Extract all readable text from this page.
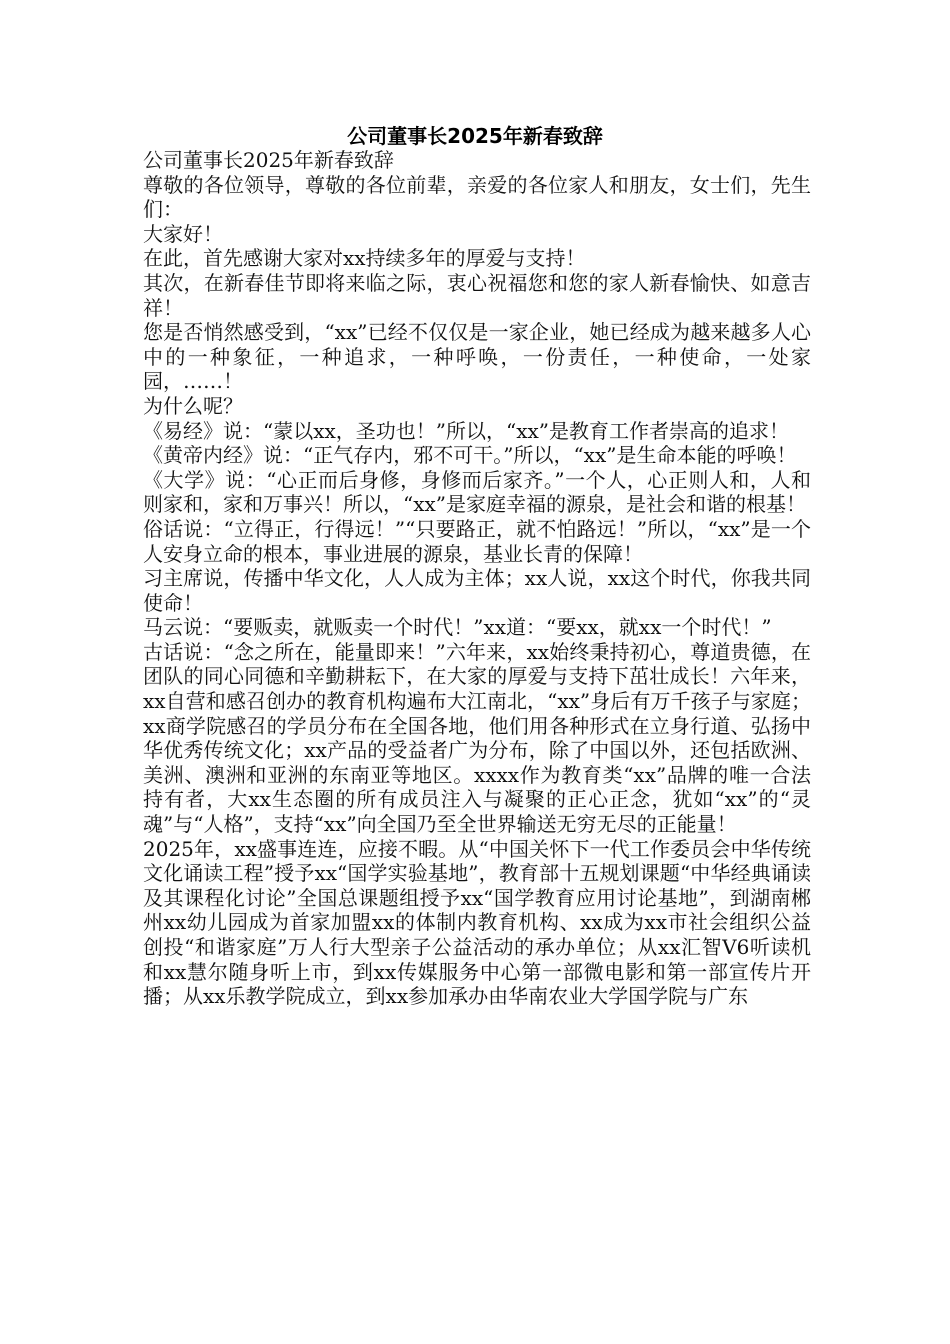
公司董事长2025年新春致辞

公司董事长2025年新春致辞

尊敬的各位领导，尊敬的各位前辈，亲爱的各位家人和朋友，女士们，先生们：

大家好！

在此，首先感谢大家对xx持续多年的厚爱与支持！

其次，在新春佳节即将来临之际，衷心祝福您和您的家人新春愉快、如意吉祥！

您是否悄然感受到，“xx”已经不仅仅是一家企业，她已经成为越来越多人心中的一种象征，一种追求，一种呼唤，一份责任，一种使命，一处家园，……！

为什么呢？

《易经》说：“蒙以xx，圣功也！”所以，“xx”是教育工作者崇高的追求！

《黄帝内经》说：“正气存内，邪不可干。”所以，“xx”是生命本能的呼唤！

《大学》说：“心正而后身修，身修而后家齐。”一个人，心正则人和，人和则家和，家和万事兴！所以，“xx”是家庭幸福的源泉，是社会和谐的根基！

俗话说：“立得正，行得远！”“只要路正，就不怕路远！”所以，“xx”是一个人安身立命的根本，事业进展的源泉，基业长青的保障！

习主席说，传播中华文化，人人成为主体；xx人说，xx这个时代，你我共同使命！

马云说：“要贩卖，就贩卖一个时代！”xx道：“要xx，就xx一个时代！”

古话说：“念之所在，能量即来！”六年来，xx始终秉持初心，尊道贵德，在团队的同心同德和辛勤耕耘下，在大家的厚爱与支持下茁壮成长！六年来，xx自营和感召创办的教育机构遍布大江南北，“xx”身后有万千孩子与家庭；xx商学院感召的学员分布在全国各地，他们用各种形式在立身行道、弘扬中华优秀传统文化；xx产品的受益者广为分布，除了中国以外，还包括欧洲、美洲、澳洲和亚洲的东南亚等地区。xxxx作为教育类“xx”品牌的唯一合法持有者，大xx生态圈的所有成员注入与凝聚的正心正念，犹如“xx”的“灵魂”与“人格”，支持“xx”向全国乃至全世界输送无穷无尽的正能量！

2025年，xx盛事连连，应接不暇。从“中国关怀下一代工作委员会中华传统文化诵读工程”授予xx“国学实验基地”，教育部十五规划课题“中华经典诵读及其课程化讨论”全国总课题组授予xx“国学教育应用讨论基地”，到湖南郴州xx幼儿园成为首家加盟xx的体制内教育机构、xx成为xx市社会组织公益创投“和谐家庭”万人行大型亲子公益活动的承办单位；从xx汇智V6听读机和xx慧尔随身听上市，到xx传媒服务中心第一部微电影和第一部宣传片开播；从xx乐教学院成立，到xx参加承办由华南农业大学国学院与广东
